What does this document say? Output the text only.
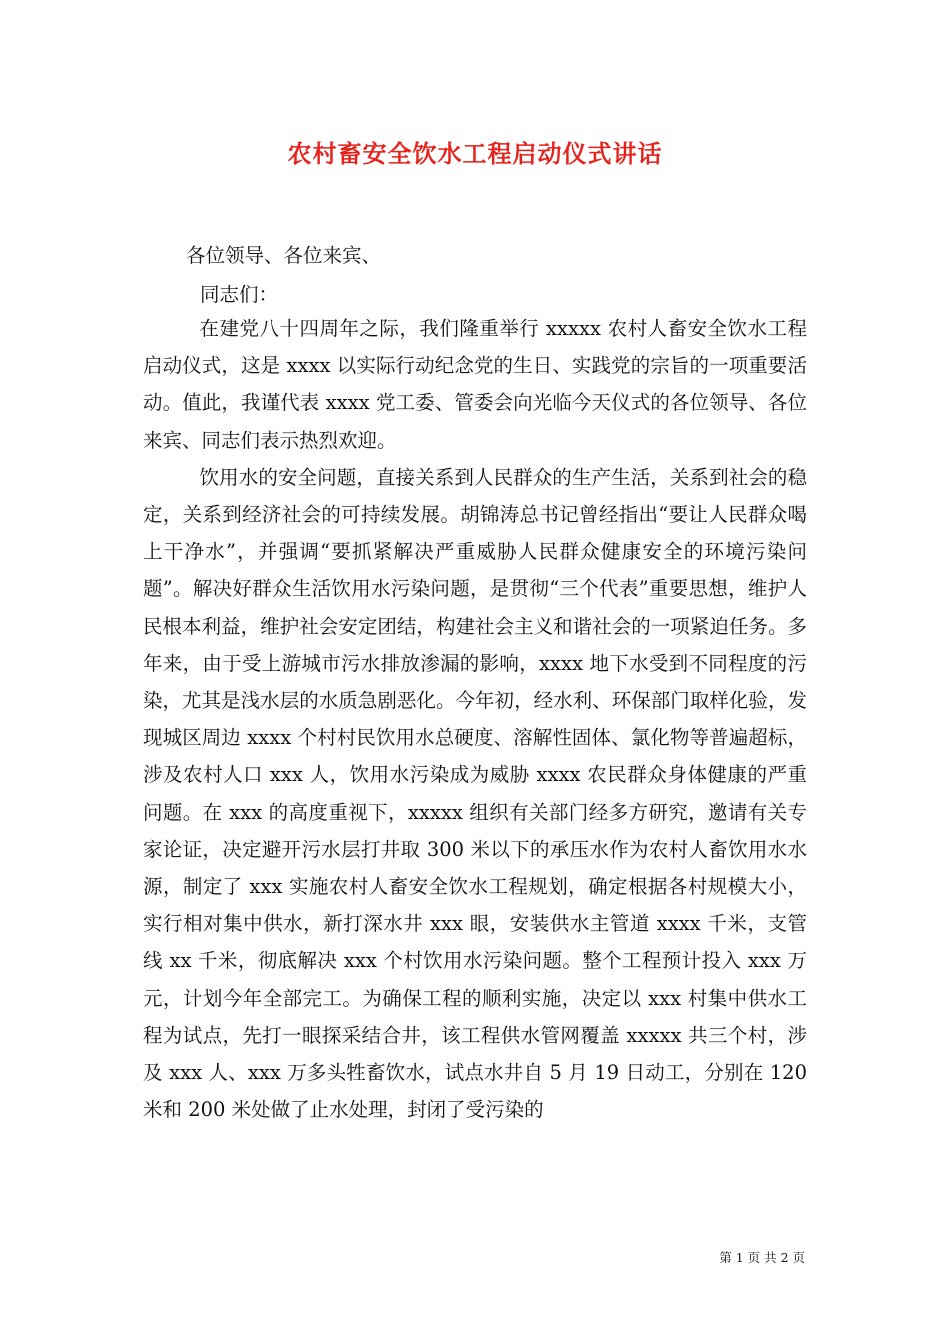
农村畜安全饮水工程启动仪式讲话

各位领导、各位来宾、

同志们：

在建党八十四周年之际，我们隆重举行 xxxxx 农村人畜安全饮水工程启动仪式，这是 xxxx 以实际行动纪念党的生日、实践党的宗旨的一项重要活动。值此，我谨代表 xxxx 党工委、管委会向光临今天仪式的各位领导、各位来宾、同志们表示热烈欢迎。

饮用水的安全问题，直接关系到人民群众的生产生活，关系到社会的稳定，关系到经济社会的可持续发展。胡锦涛总书记曾经指出“要让人民群众喝上干净水”，并强调“要抓紧解决严重威胁人民群众健康安全的环境污染问题”。解决好群众生活饮用水污染问题，是贯彻“三个代表”重要思想，维护人民根本利益，维护社会安定团结，构建社会主义和谐社会的一项紧迫任务。多年来，由于受上游城市污水排放渗漏的影响，xxxx 地下水受到不同程度的污染，尤其是浅水层的水质急剧恶化。今年初，经水利、环保部门取样化验，发现城区周边 xxxx 个村村民饮用水总硬度、溶解性固体、氯化物等普遍超标，涉及农村人口 xxx 人，饮用水污染成为威胁 xxxx 农民群众身体健康的严重问题。在 xxx 的高度重视下，xxxxx 组织有关部门经多方研究，邀请有关专家论证，决定避开污水层打井取 300 米以下的承压水作为农村人畜饮用水水源，制定了 xxx 实施农村人畜安全饮水工程规划，确定根据各村规模大小，实行相对集中供水，新打深水井 xxx 眼，安装供水主管道 xxxx 千米，支管线 xx 千米，彻底解决 xxx 个村饮用水污染问题。整个工程预计投入 xxx 万元，计划今年全部完工。为确保工程的顺利实施，决定以 xxx 村集中供水工程为试点，先打一眼探采结合井，该工程供水管网覆盖 xxxxx 共三个村，涉及 xxx 人、xxx 万多头牲畜饮水，试点水井自 5 月 19 日动工，分别在 120 米和 200 米处做了止水处理，封闭了受污染的

第 1 页 共 2 页
